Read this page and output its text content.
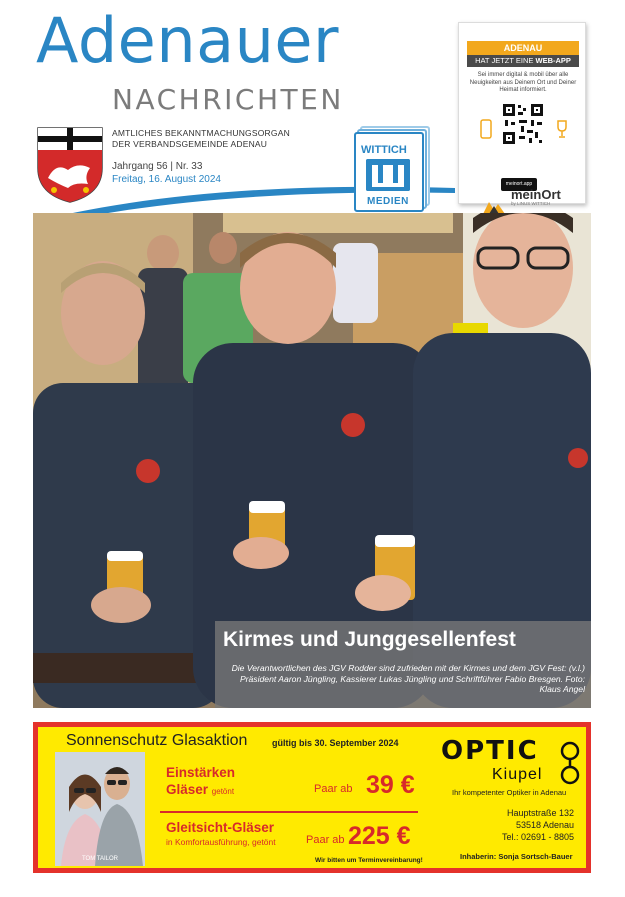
Adenauer
NACHRICHTEN
AMTLICHES BEKANNTMACHUNGSORGAN
DER VERBANDSGEMEINDE ADENAU
Jahrgang 56 | Nr. 33
Freitag, 16. August 2024
WITTICH
MEDIEN
ADENAU
HAT JETZT EINE WEB-APP
Sei immer digital & mobil über alle Neuigkeiten aus Deinem Ort und Deiner Heimat informiert.
meinort.app
meinOrt
by LINUS WITTICH
Kirmes und Junggesellenfest
Die Verantwortlichen des JGV Rodder sind zufrieden mit der Kirmes und dem JGV Fest: (v.l.) Präsident Aaron Jüngling, Kassierer Lukas Jüngling und Schriftführer Fabio Bresgen. Foto: Klaus Angel
Sonnenschutz Glasaktion	gültig bis 30. September 2024
TOM TAILOR
Einstärken
Gläser getönt	Paar ab 39 €
Gleitsicht-Gläser
in Komfortausführung, getönt	Paar ab 225 €
Wir bitten um Terminvereinbarung!
OPTIC
Kiupel
Ihr kompetenter Optiker in Adenau
Hauptstraße 132
53518 Adenau
Tel.: 02691 - 8805
Inhaberin: Sonja Sortsch-Bauer
